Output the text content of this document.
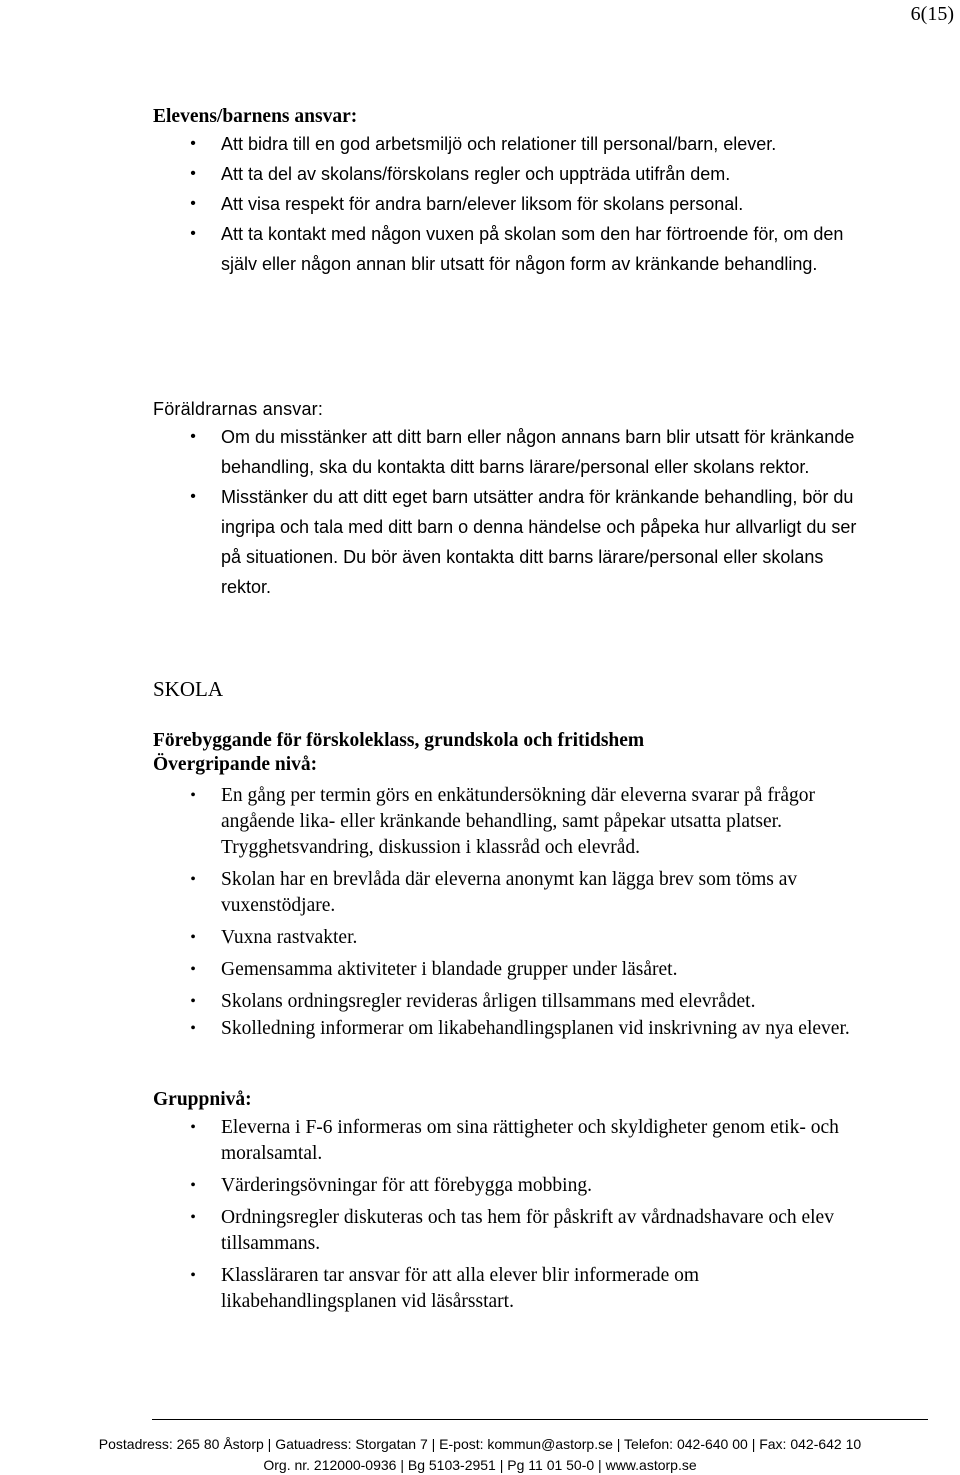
6(15)
Elevens/barnens ansvar:
• Att bidra till en god arbetsmiljö och relationer till personal/barn, elever.
• Att ta del av skolans/förskolans regler och uppträda utifrån dem.
• Att visa respekt för andra barn/elever liksom för skolans personal.
• Att ta kontakt med någon vuxen på skolan som den har förtroende för, om den själv eller någon annan blir utsatt för någon form av kränkande behandling.
Föräldrarnas ansvar:
• Om du misstänker att ditt barn eller någon annans barn blir utsatt för kränkande behandling, ska du kontakta ditt barns lärare/personal eller skolans rektor.
• Misstänker du att ditt eget barn utsätter andra för kränkande behandling, bör du ingripa och tala med ditt barn o denna händelse och påpeka hur allvarligt du ser på situationen. Du bör även kontakta ditt barns lärare/personal eller skolans rektor.
SKOLA
Förebyggande för förskoleklass, grundskola och fritidshem
Övergripande nivå:
• En gång per termin görs en enkätundersökning där eleverna svarar på frågor angående lika- eller kränkande behandling, samt påpekar utsatta platser. Trygghetsvandring, diskussion i klassråd och elevråd.
• Skolan har en brevlåda där eleverna anonymt kan lägga brev som töms av vuxenstödjare.
• Vuxna rastvakter.
• Gemensamma aktiviteter i blandade grupper under läsåret.
• Skolans ordningsregler revideras årligen tillsammans med elevrådet.
• Skolledning informerar om likabehandlingsplanen vid inskrivning av nya elever.
Gruppnivå:
• Eleverna i F-6 informeras om sina rättigheter och skyldigheter genom etik- och moralsamtal.
• Värderingsövningar för att förebygga mobbing.
• Ordningsregler diskuteras och tas hem för påskrift av vårdnadshavare och elev tillsammans.
• Klassläraren tar ansvar för att alla elever blir informerade om likabehandlingsplanen vid läsårsstart.
Postadress: 265 80 Åstorp | Gatuadress: Storgatan 7 | E-post: kommun@astorp.se | Telefon: 042-640 00 | Fax: 042-642 10
Org. nr. 212000-0936 | Bg 5103-2951 | Pg 11 01 50-0 | www.astorp.se
